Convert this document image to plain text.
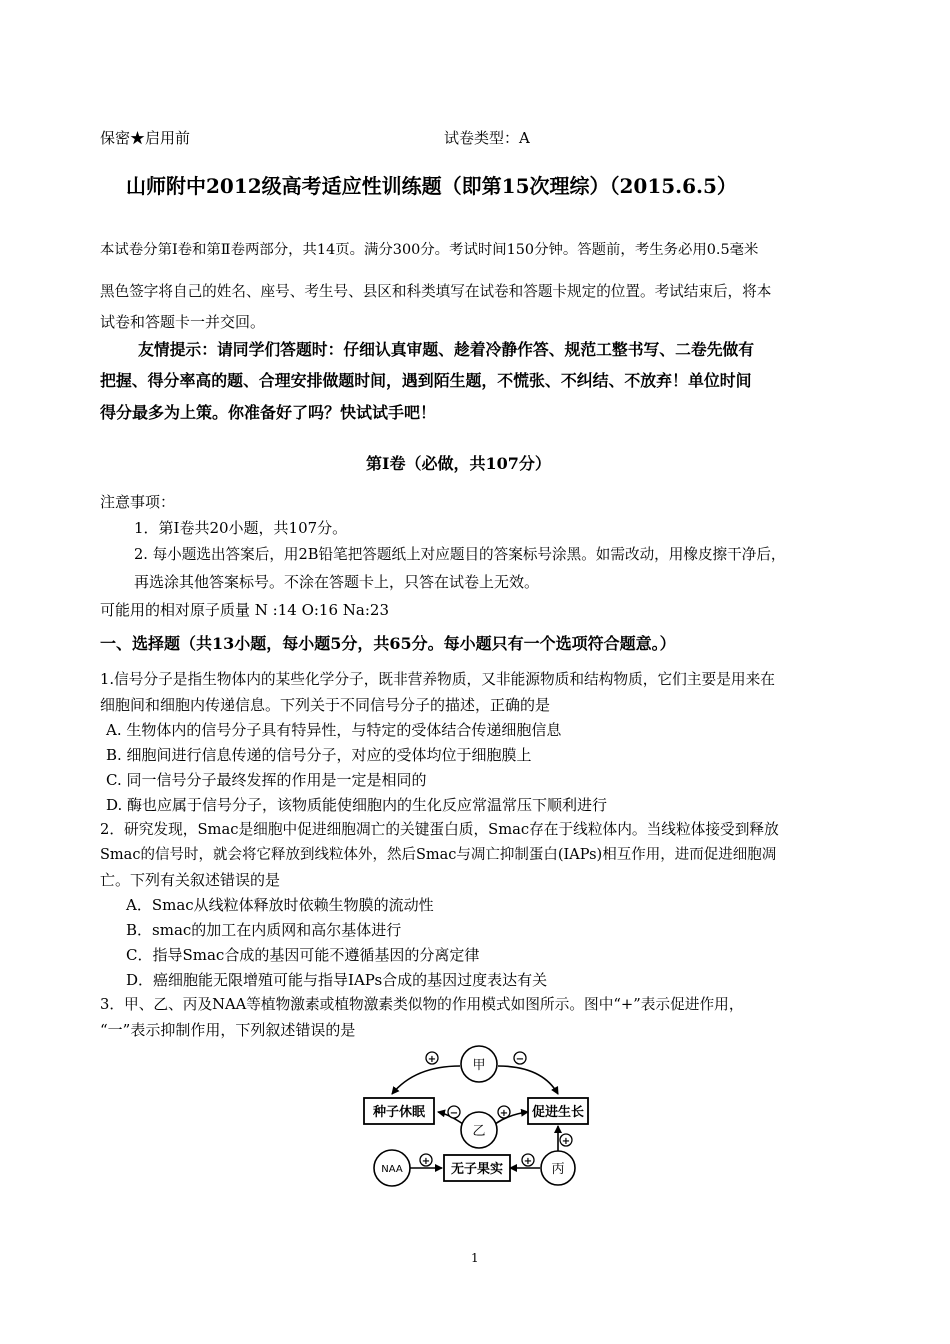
保密★启用前	试卷类型：A
山师附中2012级高考适应性训练题（即第15次理综）（2015.6.5）
本试卷分第Ⅰ卷和第Ⅱ卷两部分，共14页。满分300分。考试时间150分钟。答题前，考生务必用0.5毫米
黑色签字将自己的姓名、座号、考生号、县区和科类填写在试卷和答题卡规定的位置。考试结束后，将本
试卷和答题卡一并交回。
友情提示：请同学们答题时：仔细认真审题、趁着冷静作答、规范工整书写、二卷先做有
把握、得分率高的题、合理安排做题时间，遇到陌生题，不慌张、不纠结、不放弃！单位时间
得分最多为上策。你准备好了吗？快试试手吧！
第Ⅰ卷（必做，共107分）
注意事项：
1．第Ⅰ卷共20小题，共107分。
2. 每小题选出答案后，用2B铅笔把答题纸上对应题目的答案标号涂黑。如需改动，用橡皮擦干净后，
再选涂其他答案标号。不涂在答题卡上，只答在试卷上无效。
可能用的相对原子质量 N :14 O:16 Na:23
一、选择题（共13小题，每小题5分，共65分。每小题只有一个选项符合题意。）
1.信号分子是指生物体内的某些化学分子，既非营养物质，又非能源物质和结构物质，它们主要是用来在
细胞间和细胞内传递信息。下列关于不同信号分子的描述，正确的是
A. 生物体内的信号分子具有特异性，与特定的受体结合传递细胞信息
B. 细胞间进行信息传递的信号分子，对应的受体均位于细胞膜上
C. 同一信号分子最终发挥的作用是一定是相同的
D. 酶也应属于信号分子，该物质能使细胞内的生化反应常温常压下顺利进行
2．研究发现，Smac是细胞中促进细胞凋亡的关键蛋白质，Smac存在于线粒体内。当线粒体接受到释放
Smac的信号时，就会将它释放到线粒体外，然后Smac与凋亡抑制蛋白(IAPs)相互作用，进而促进细胞凋
亡。下列有关叙述错误的是
A．Smac从线粒体释放时依赖生物膜的流动性
B．smac的加工在内质网和高尔基体进行
C．指导Smac合成的基因可能不遵循基因的分离定律
D．癌细胞能无限增殖可能与指导IAPs合成的基因过度表达有关
3．甲、乙、丙及NAA等植物激素或植物激素类似物的作用模式如图所示。图中“+”表示促进作用，
“一”表示抑制作用，下列叙述错误的是
甲
种子休眠
乙
促进生长
NAA	无子果实	丙
+	−
−	+
+	+
+
1
